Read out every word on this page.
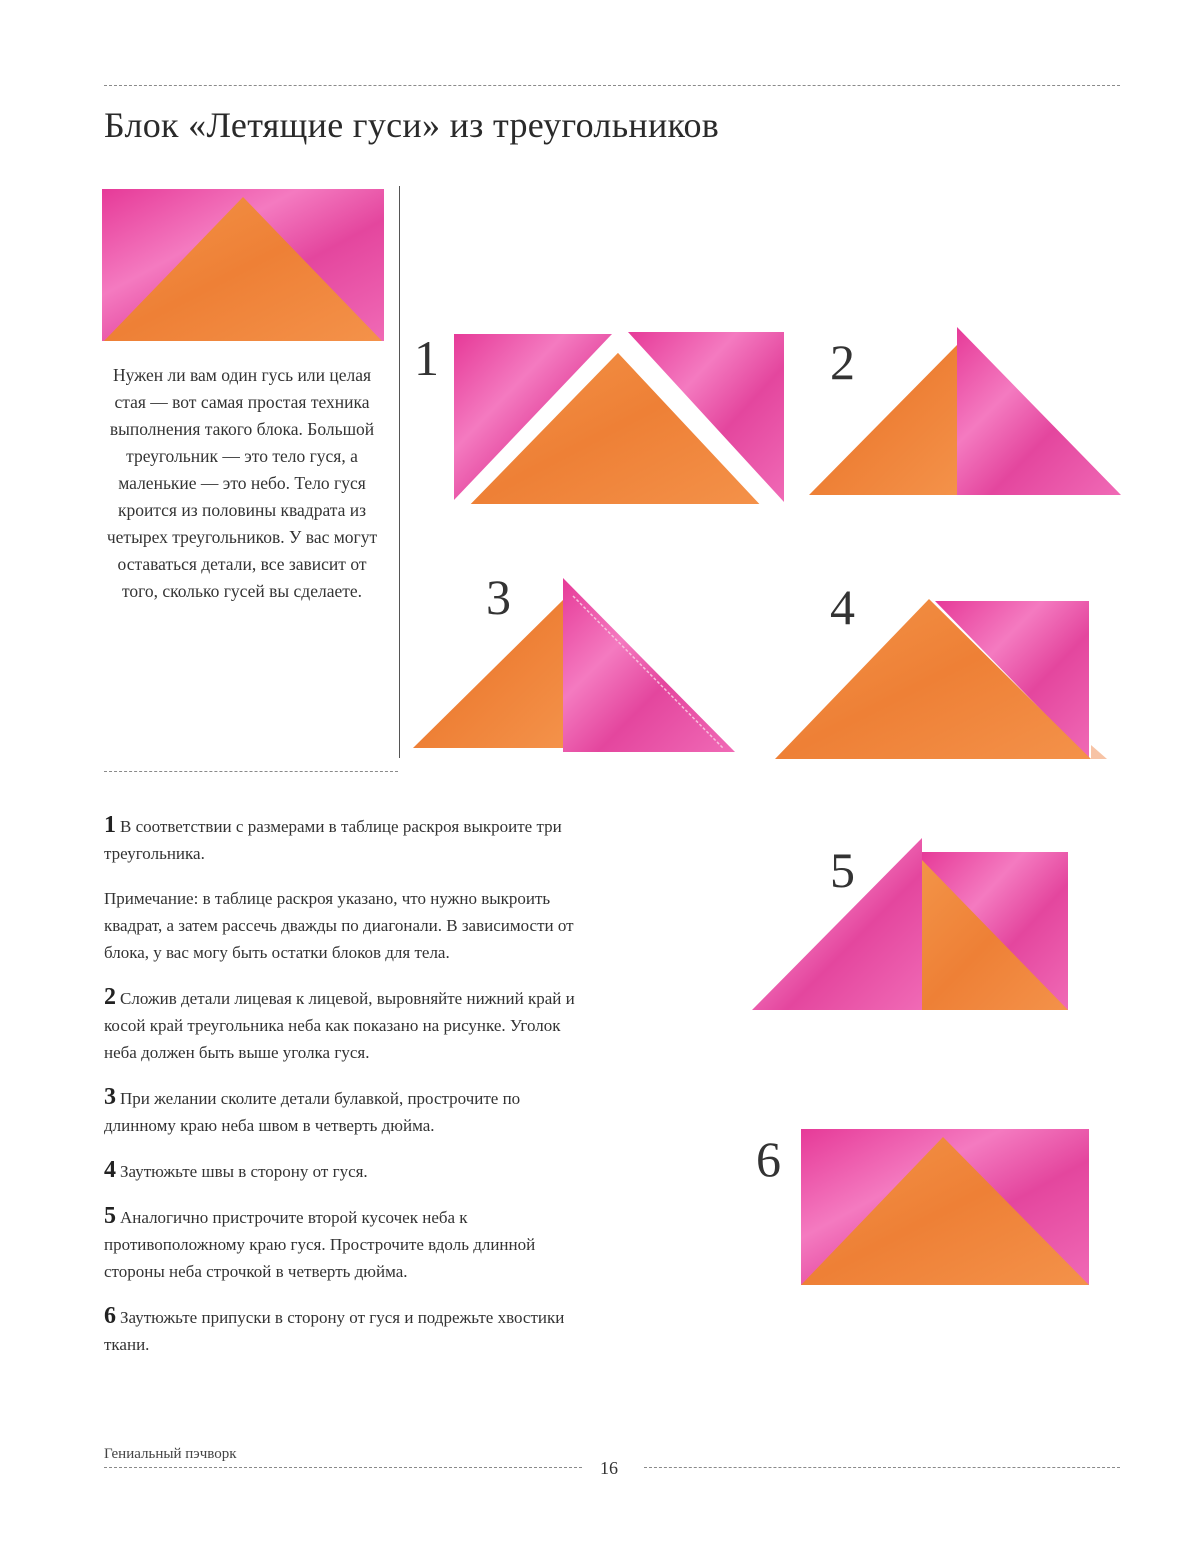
Блок «Летящие гуси» из треугольников
Нужен ли вам один гусь или целая стая — вот самая простая техника выполнения такого блока. Большой треугольник — это тело гуся, а маленькие — это небо. Тело гуся кроится из половины квадрата из четырех треугольников. У вас могут оставаться детали, все зависит от того, сколько гусей вы сделаете.
1	2
3	4
5
6

1 В соответствии с размерами в таблице раскроя выкроите три треугольника.

Примечание: в таблице раскроя указано, что нужно выкроить квадрат, а затем рассечь дважды по диагонали. В зависимости от блока, у вас могу быть остатки блоков для тела.

2 Сложив детали лицевая к лицевой, выровняйте нижний край и косой край треугольника неба как показано на рисунке. Уголок неба должен быть выше уголка гуся.

3 При желании сколите детали булавкой, прострочите по длинному краю неба швом в четверть дюйма.

4 Заутюжьте швы в сторону от гуся.

5 Аналогично пристрочите второй кусочек неба к противоположному краю гуся. Прострочите вдоль длинной стороны неба строчкой в четверть дюйма.

6 Заутюжьте припуски в сторону от гуся и подрежьте хвостики ткани.

Гениальный пэчворк
16
